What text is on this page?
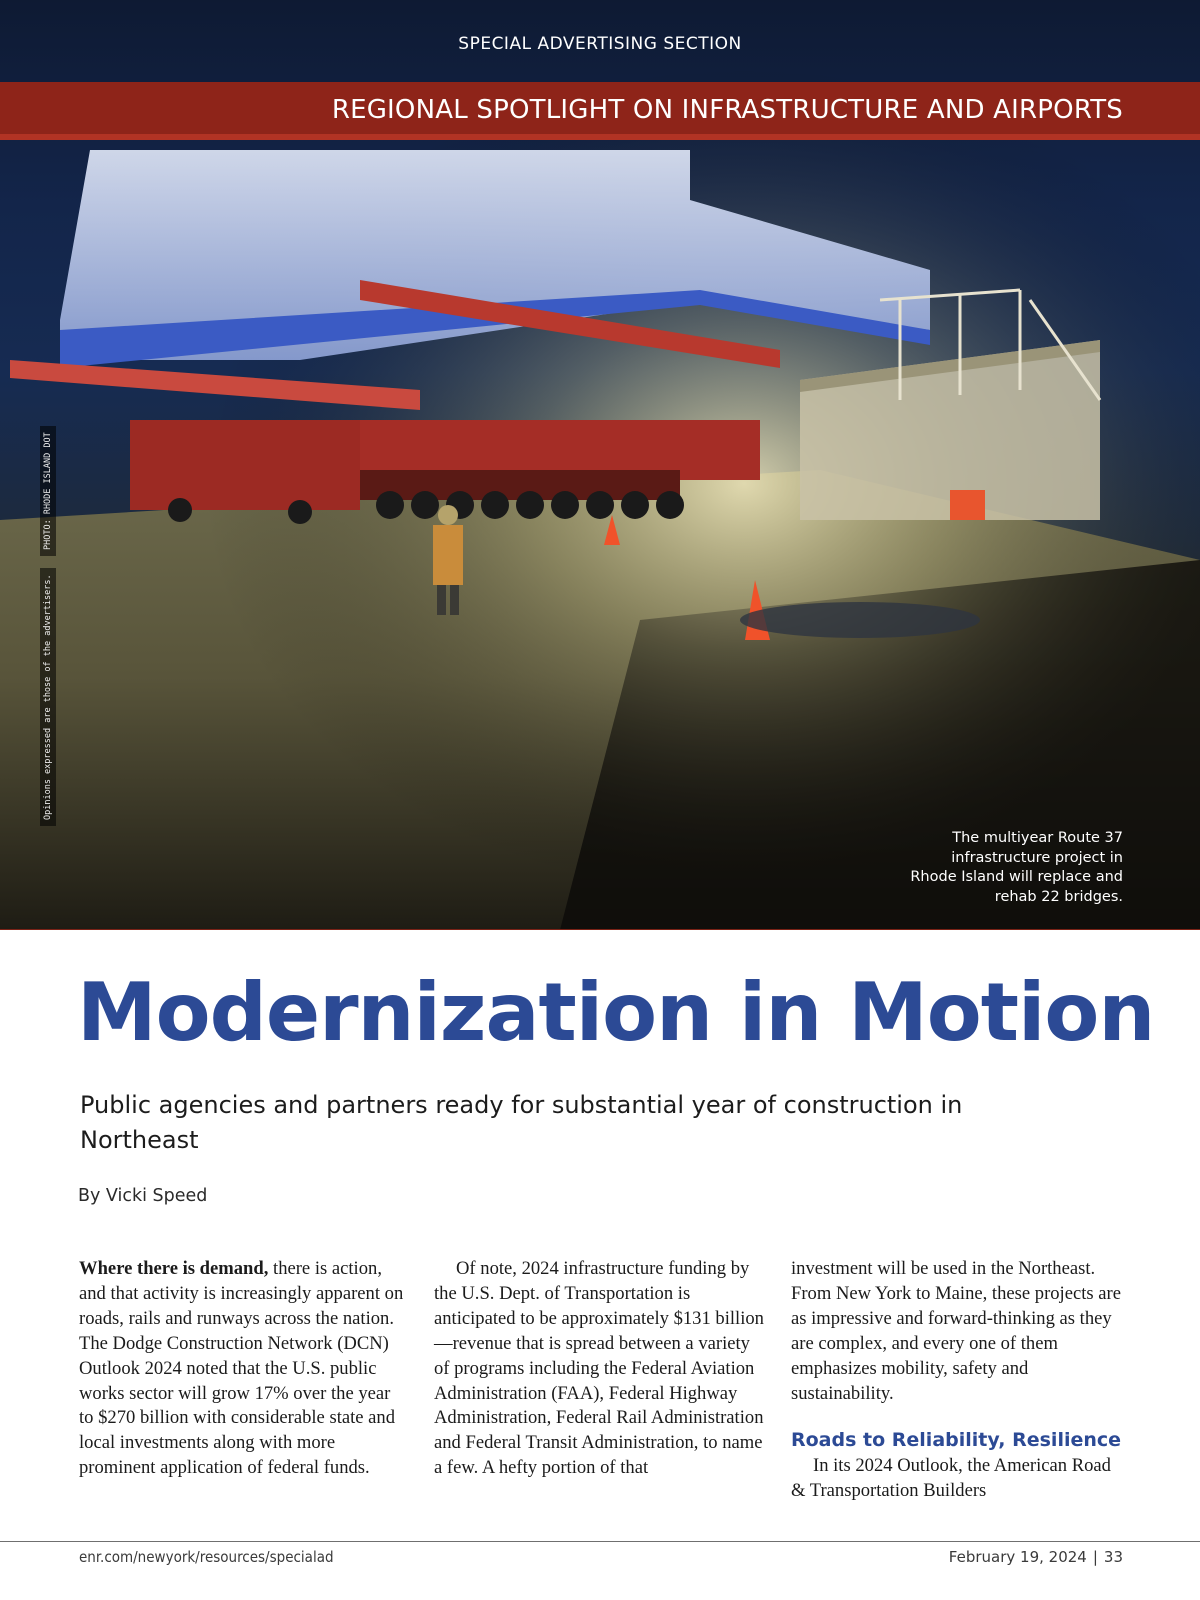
SPECIAL ADVERTISING SECTION
REGIONAL SPOTLIGHT ON INFRASTRUCTURE AND AIRPORTS
PHOTO: RHODE ISLAND DOT
Opinions expressed are those of the advertisers.
The multiyear Route 37 infrastructure project in Rhode Island will replace and rehab 22 bridges.
Modernization in Motion
Public agencies and partners ready for substantial year of construction in Northeast
By Vicki Speed

Where there is demand, there is action, and that activity is increasingly apparent on roads, rails and runways across the nation. The Dodge Construction Network (DCN) Outlook 2024 noted that the U.S. public works sector will grow 17% over the year to $270 billion with considerable state and local investments along with more prominent application of federal funds.

Of note, 2024 infrastructure funding by the U.S. Dept. of Transportation is anticipated to be approximately $131 billion—revenue that is spread between a variety of programs including the Federal Aviation Administration (FAA), Federal Highway Administration, Federal Rail Administration and Federal Transit Administration, to name a few. A hefty portion of that

investment will be used in the Northeast. From New York to Maine, these projects are as impressive and forward-thinking as they are complex, and every one of them emphasizes mobility, safety and sustainability.

Roads to Reliability, Resilience

In its 2024 Outlook, the American Road & Transportation Builders

enr.com/newyork/resources/specialad	February 19, 2024 | 33
